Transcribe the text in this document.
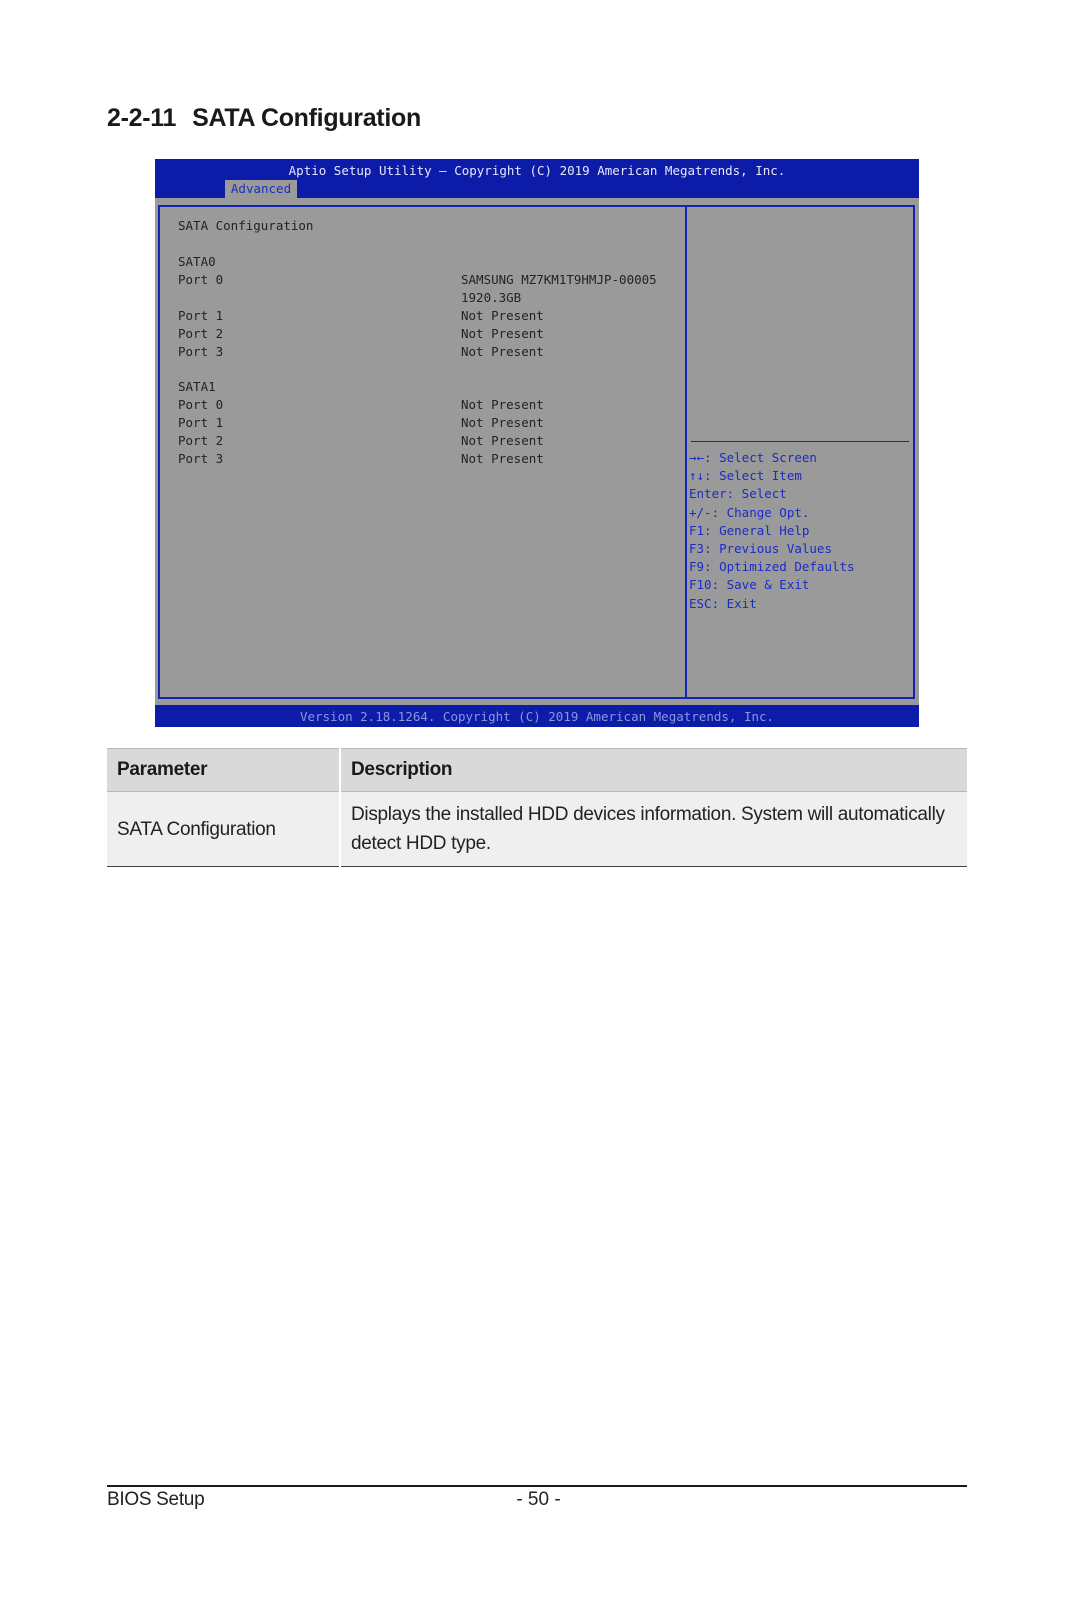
2-2-11 SATA Configuration
Aptio Setup Utility – Copyright (C) 2019 American Megatrends, Inc.
Advanced

SATA Configuration

SATA0

Port 0

	SAMSUNG MZ7KM1T9HMJP-00005

1920.3GB

Port 1

	Not Present

Port 2

	Not Present

Port 3

	Not Present

SATA1

Port 0

	Not Present

Port 1

	Not Present

Port 2

	Not Present

Port 3

	Not Present

	→←: Select Screen
↑↓: Select Item
Enter: Select
+/-: Change Opt.
F1: General Help
F3: Previous Values
F9: Optimized Defaults
F10: Save & Exit
ESC: Exit
Version 2.18.1264. Copyright (C) 2019 American Megatrends, Inc.
Parameter	Description
SATA Configuration	Displays the installed HDD devices information. System will automatically detect HDD type.
BIOS Setup	- 50 -
